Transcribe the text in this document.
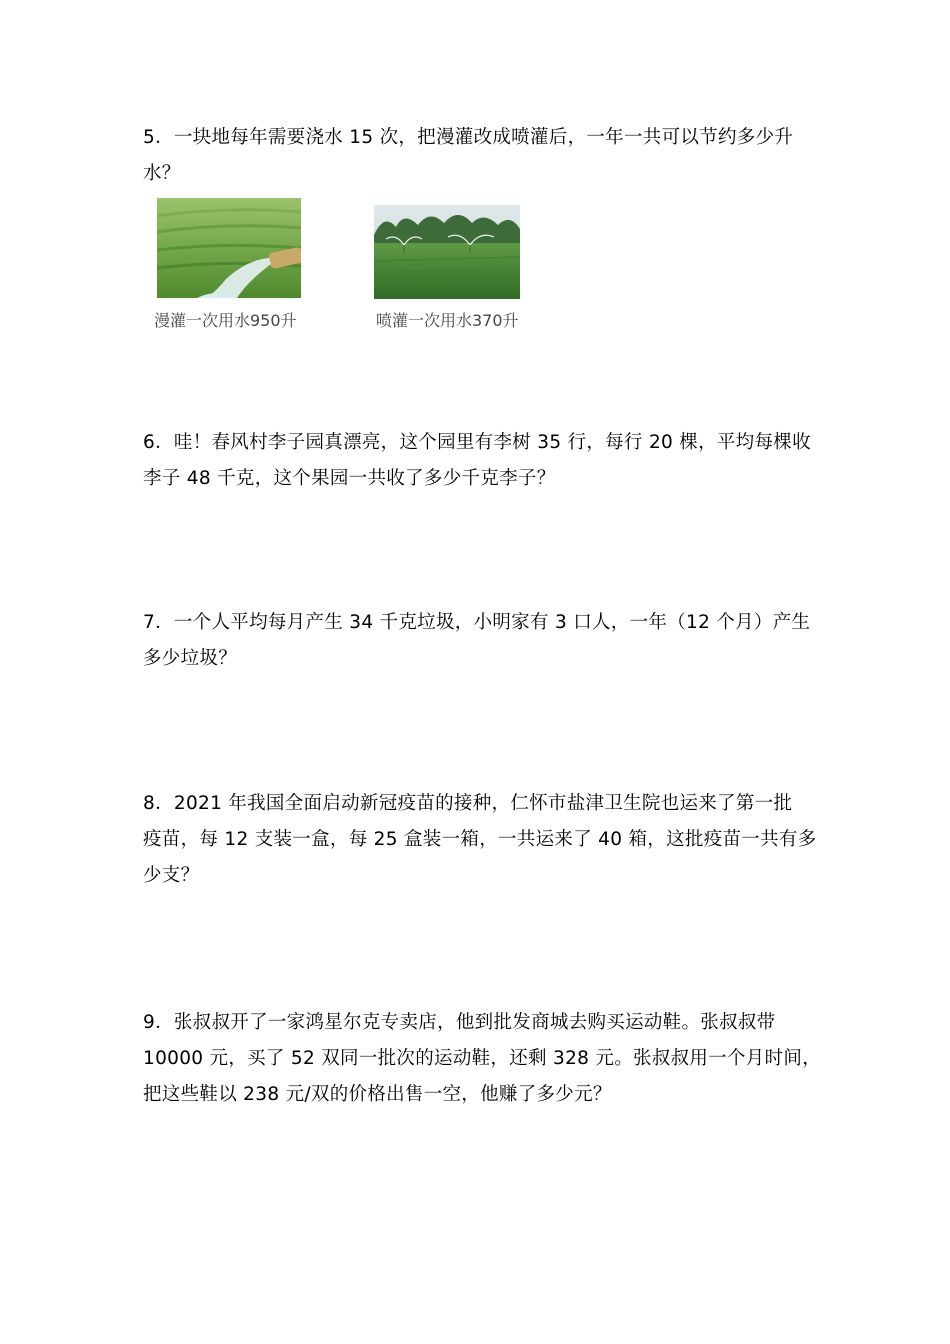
5．一块地每年需要浇水 15 次，把漫灌改成喷灌后，一年一共可以节约多少升

水？

漫灌一次用水950升	喷灌一次用水370升

6．哇！春风村李子园真漂亮，这个园里有李树 35 行，每行 20 棵，平均每棵收

李子 48 千克，这个果园一共收了多少千克李子？

7．一个人平均每月产生 34 千克垃圾，小明家有 3 口人，一年（12 个月）产生

多少垃圾？

8．2021 年我国全面启动新冠疫苗的接种，仁怀市盐津卫生院也运来了第一批

疫苗，每 12 支装一盒，每 25 盒装一箱，一共运来了 40 箱，这批疫苗一共有多

少支？

9．张叔叔开了一家鸿星尔克专卖店，他到批发商城去购买运动鞋。张叔叔带

10000 元，买了 52 双同一批次的运动鞋，还剩 328 元。张叔叔用一个月时间，

把这些鞋以 238 元/双的价格出售一空，他赚了多少元？
